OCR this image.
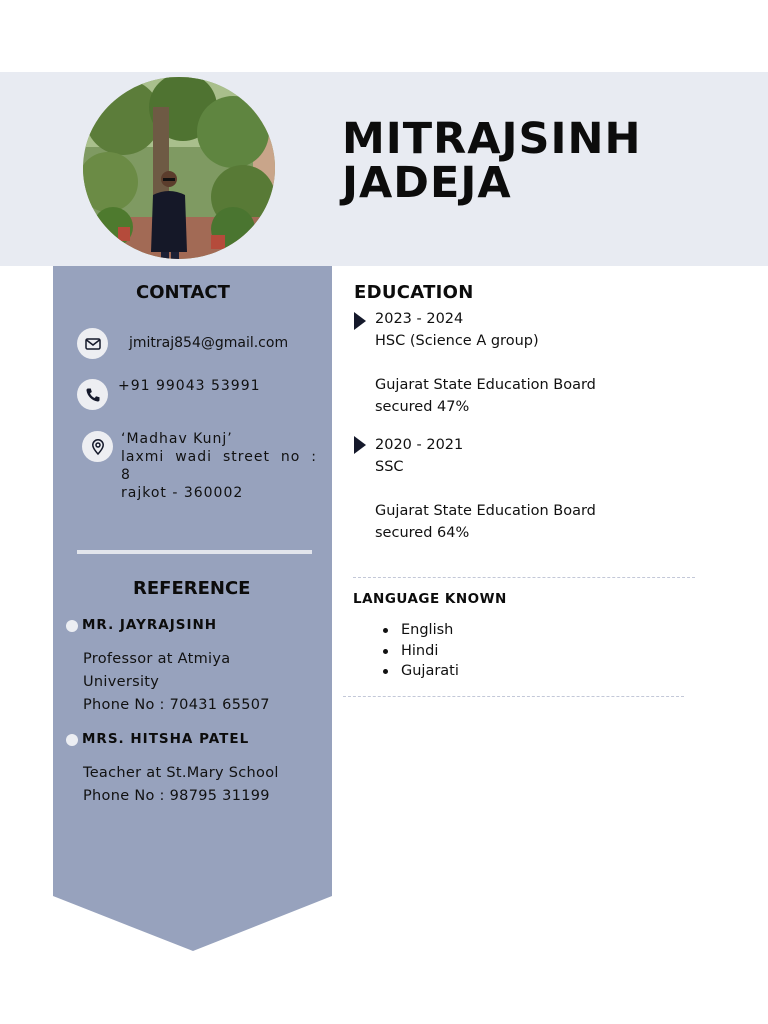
MITRAJSINH
JADEJA
CONTACT
jmitraj854@gmail.com
+91 99043 53991
‘Madhav Kunj’
laxmi wadi street no :
8
rajkot - 360002
REFERENCE
MR. JAYRAJSINH
Professor at Atmiya
University
Phone No : 70431 65507
MRS. HITSHA PATEL
Teacher at St.Mary School
Phone No : 98795 31199
EDUCATION
2023 - 2024
HSC (Science A group)
Gujarat State Education Board
secured 47%
2020 - 2021
SSC
Gujarat State Education Board
secured 64%
LANGUAGE KNOWN
English
Hindi
Gujarati
